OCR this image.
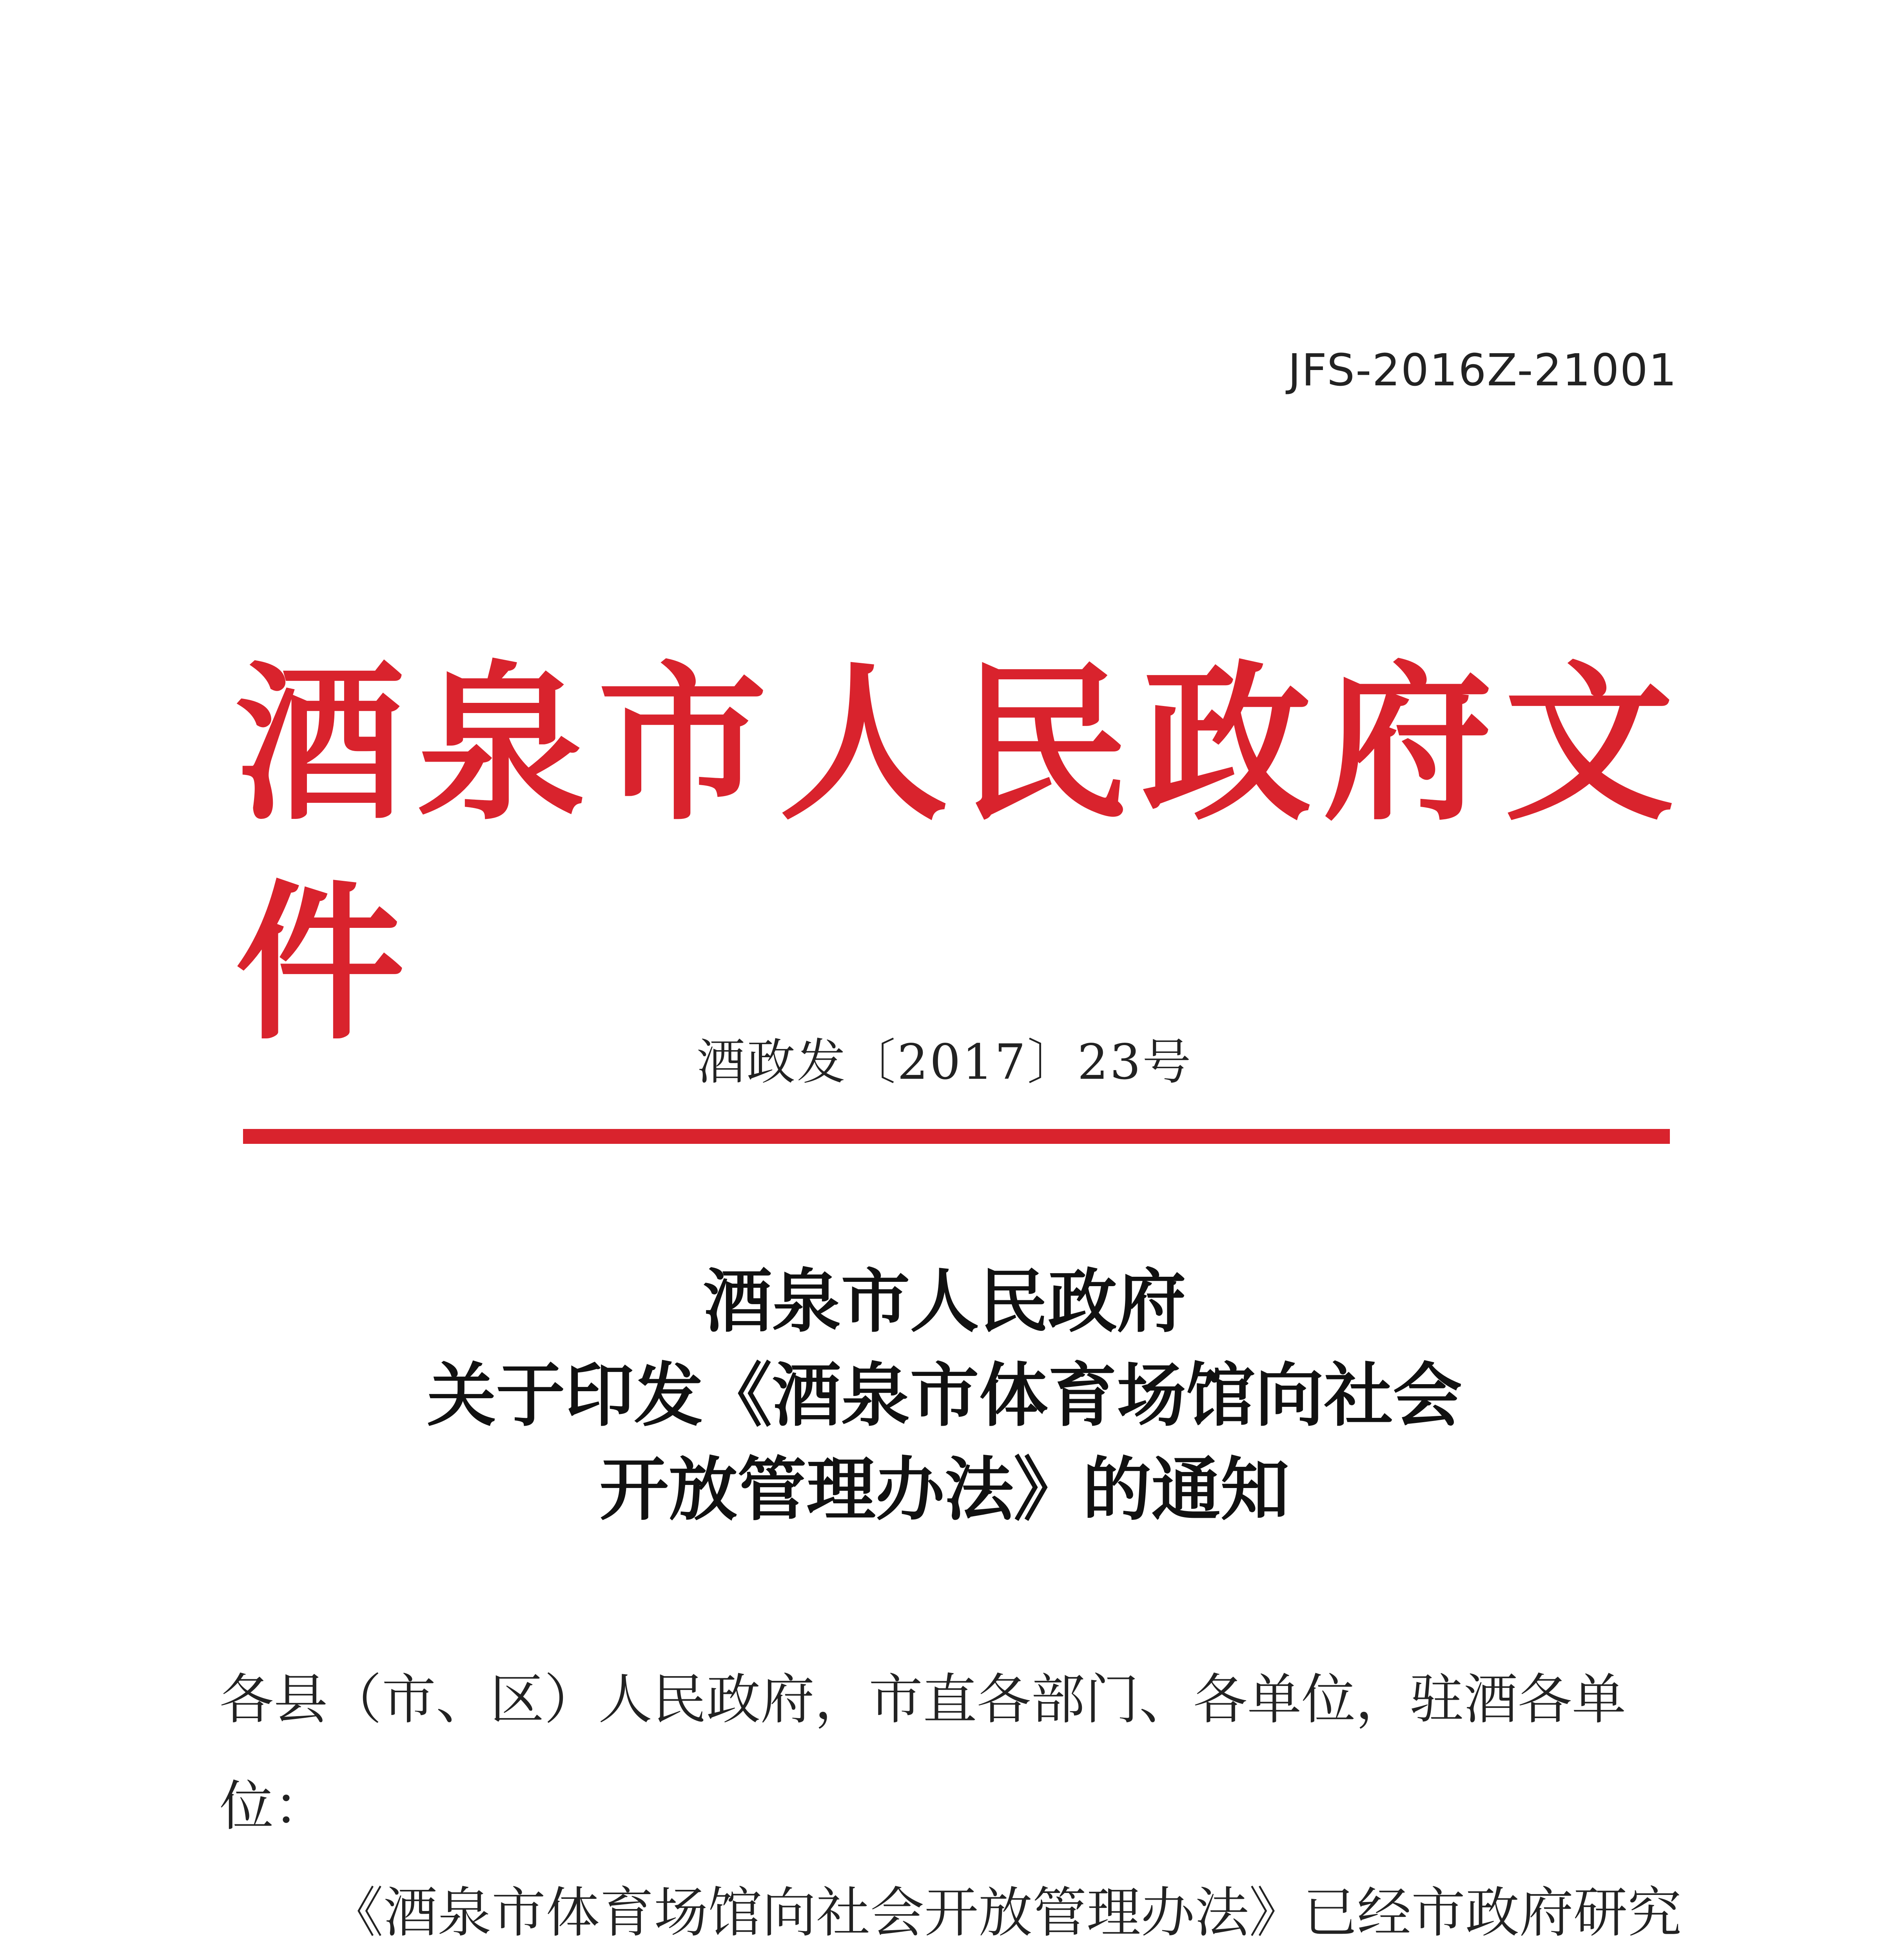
JFS-2016Z-21001
酒泉市人民政府文件	酒政发〔2017〕23号
酒泉市人民政府
关于印发《酒泉市体育场馆向社会
开放管理办法》的通知

各县（市、区）人民政府，市直各部门、各单位，驻酒各单位：

《酒泉市体育场馆向社会开放管理办法》已经市政府研究
